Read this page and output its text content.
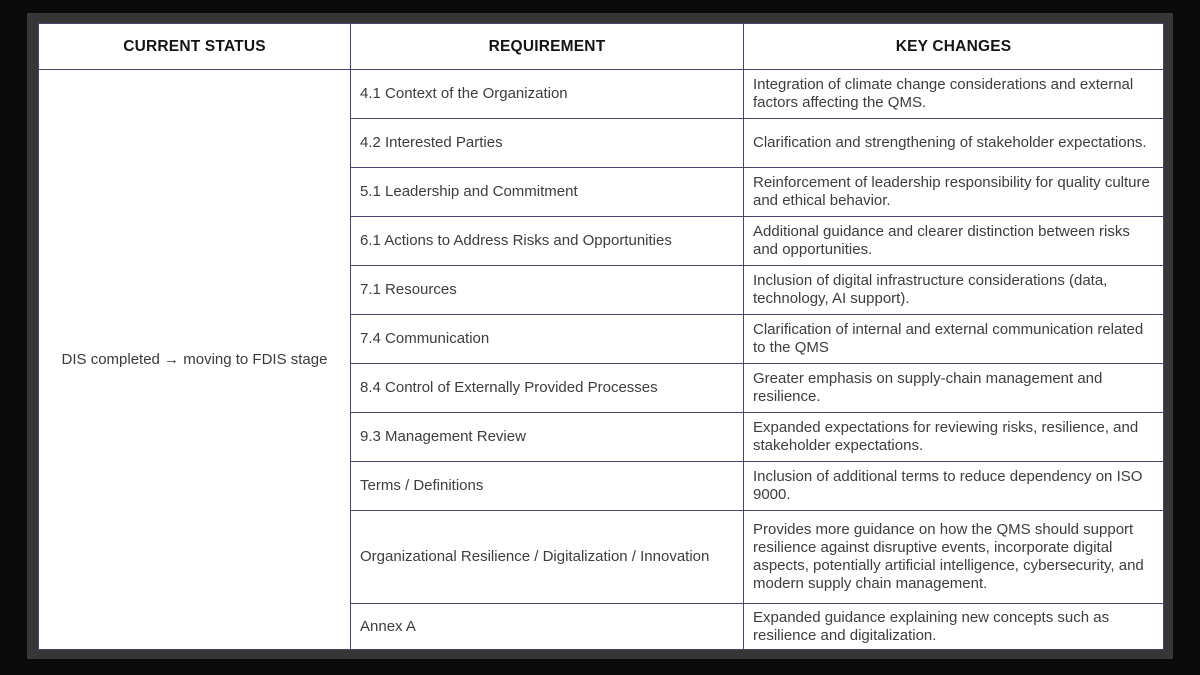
CURRENT STATUS	REQUIREMENT	KEY CHANGES
DIS completed → moving to FDIS stage	4.1 Context of the Organization	Integration of climate change considerations and external factors affecting the QMS.
	4.2 Interested Parties	Clarification and strengthening of stakeholder expectations.
	5.1 Leadership and Commitment	Reinforcement of leadership responsibility for quality culture and ethical behavior.
	6.1 Actions to Address Risks and Opportunities	Additional guidance and clearer distinction between risks and opportunities.
	7.1 Resources	Inclusion of digital infrastructure considerations (data, technology, AI support).
	7.4 Communication	Clarification of internal and external communication related to the QMS
	8.4 Control of Externally Provided Processes	Greater emphasis on supply-chain management and resilience.
	9.3 Management Review	Expanded expectations for reviewing risks, resilience, and stakeholder expectations.
	Terms / Definitions	Inclusion of additional terms to reduce dependency on ISO 9000.
	Organizational Resilience / Digitalization / Innovation	Provides more guidance on how the QMS should support resilience against disruptive events, incorporate digital aspects, potentially artificial intelligence, cybersecurity, and modern supply chain management.
	Annex A	Expanded guidance explaining new concepts such as resilience and digitalization.
